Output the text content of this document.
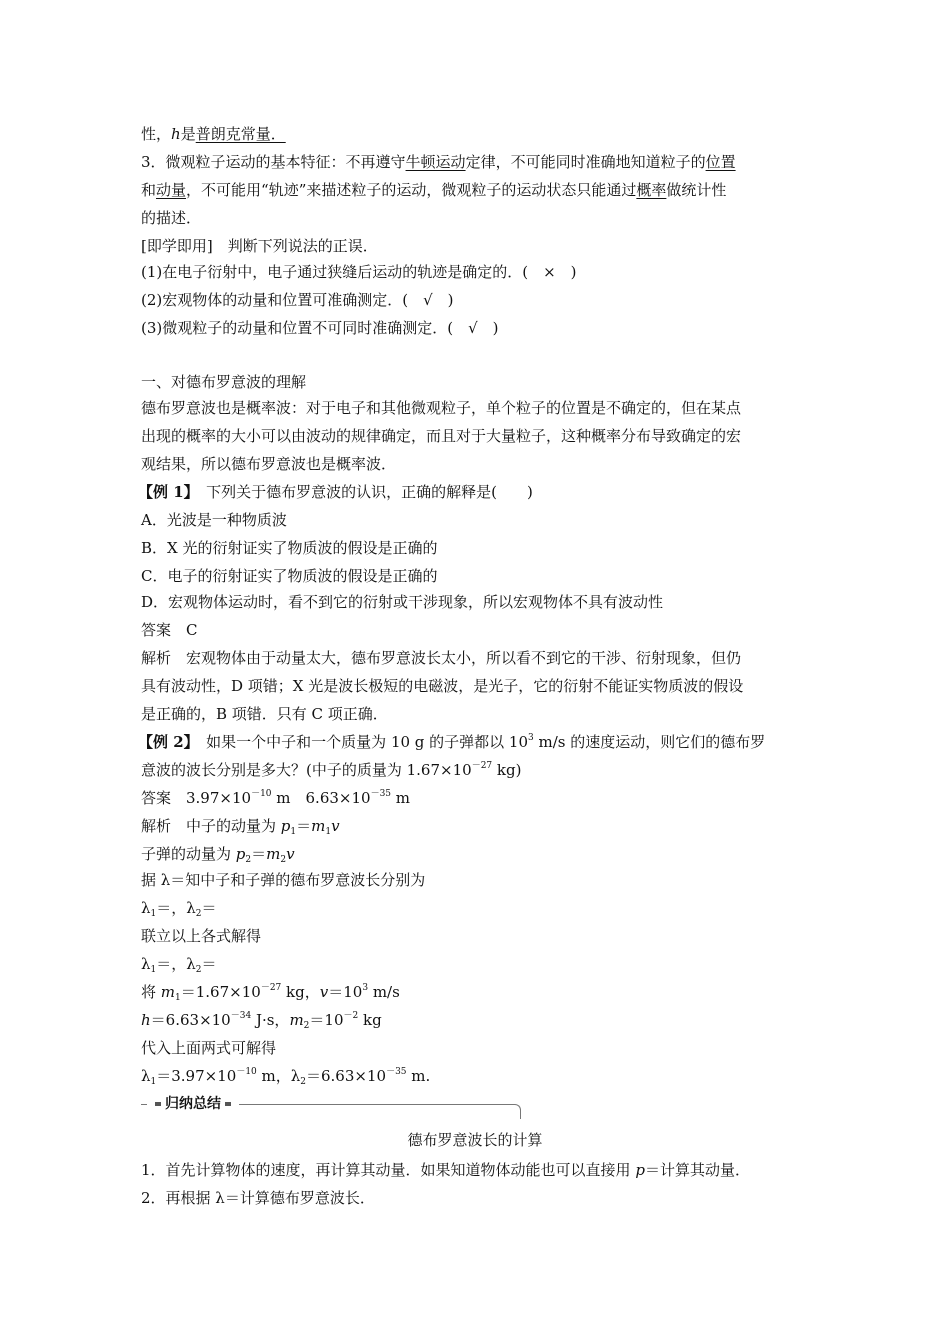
性，h是普朗克常量．
3．微观粒子运动的基本特征：不再遵守牛顿运动定律，不可能同时准确地知道粒子的位置
和动量，不可能用“轨迹”来描述粒子的运动，微观粒子的运动状态只能通过概率做统计性
的描述．
[即学即用]　判断下列说法的正误．
(1)在电子衍射中，电子通过狭缝后运动的轨迹是确定的．(　×　)
(2)宏观物体的动量和位置可准确测定．(　√　)
(3)微观粒子的动量和位置不可同时准确测定．(　√　)
一、对德布罗意波的理解
德布罗意波也是概率波：对于电子和其他微观粒子，单个粒子的位置是不确定的，但在某点
出现的概率的大小可以由波动的规律确定，而且对于大量粒子，这种概率分布导致确定的宏
观结果，所以德布罗意波也是概率波．
【例 1】　下列关于德布罗意波的认识，正确的解释是(　　)
A．光波是一种物质波
B．X 光的衍射证实了物质波的假设是正确的
C．电子的衍射证实了物质波的假设是正确的
D．宏观物体运动时，看不到它的衍射或干涉现象，所以宏观物体不具有波动性
答案　C
解析　宏观物体由于动量太大，德布罗意波长太小，所以看不到它的干涉、衍射现象，但仍
具有波动性，D 项错；X 光是波长极短的电磁波，是光子，它的衍射不能证实物质波的假设
是正确的，B 项错．只有 C 项正确．
【例 2】　如果一个中子和一个质量为 10 g 的子弹都以 $10^3$ m/s 的速度运动，则它们的德布罗
意波的波长分别是多大？(中子的质量为 $1.67\times 10^{-27}$ kg)
答案　$3.97\times 10^{-10}$ m　$6.63\times 10^{-35}$ m
解析　中子的动量为 $p_1=m_1v$
子弹的动量为 $p_2=m_2v$
据 λ＝知中子和子弹的德布罗意波长分别为
$\lambda_1=$，$\lambda_2=$
联立以上各式解得
$\lambda_1=$，$\lambda_2=$
将 $m_1=1.67\times 10^{-27}$ kg，$v=10^3$ m/s
$h=6.63\times 10^{-34}$ J·s，$m_2=10^{-2}$ kg
代入上面两式可解得
$\lambda_1=3.97\times 10^{-10}$ m，$\lambda_2=6.63\times 10^{-35}$ m.
归纳总结
德布罗意波长的计算
1．首先计算物体的速度，再计算其动量．如果知道物体动能也可以直接用 p＝计算其动量．
2．再根据 λ＝计算德布罗意波长．
